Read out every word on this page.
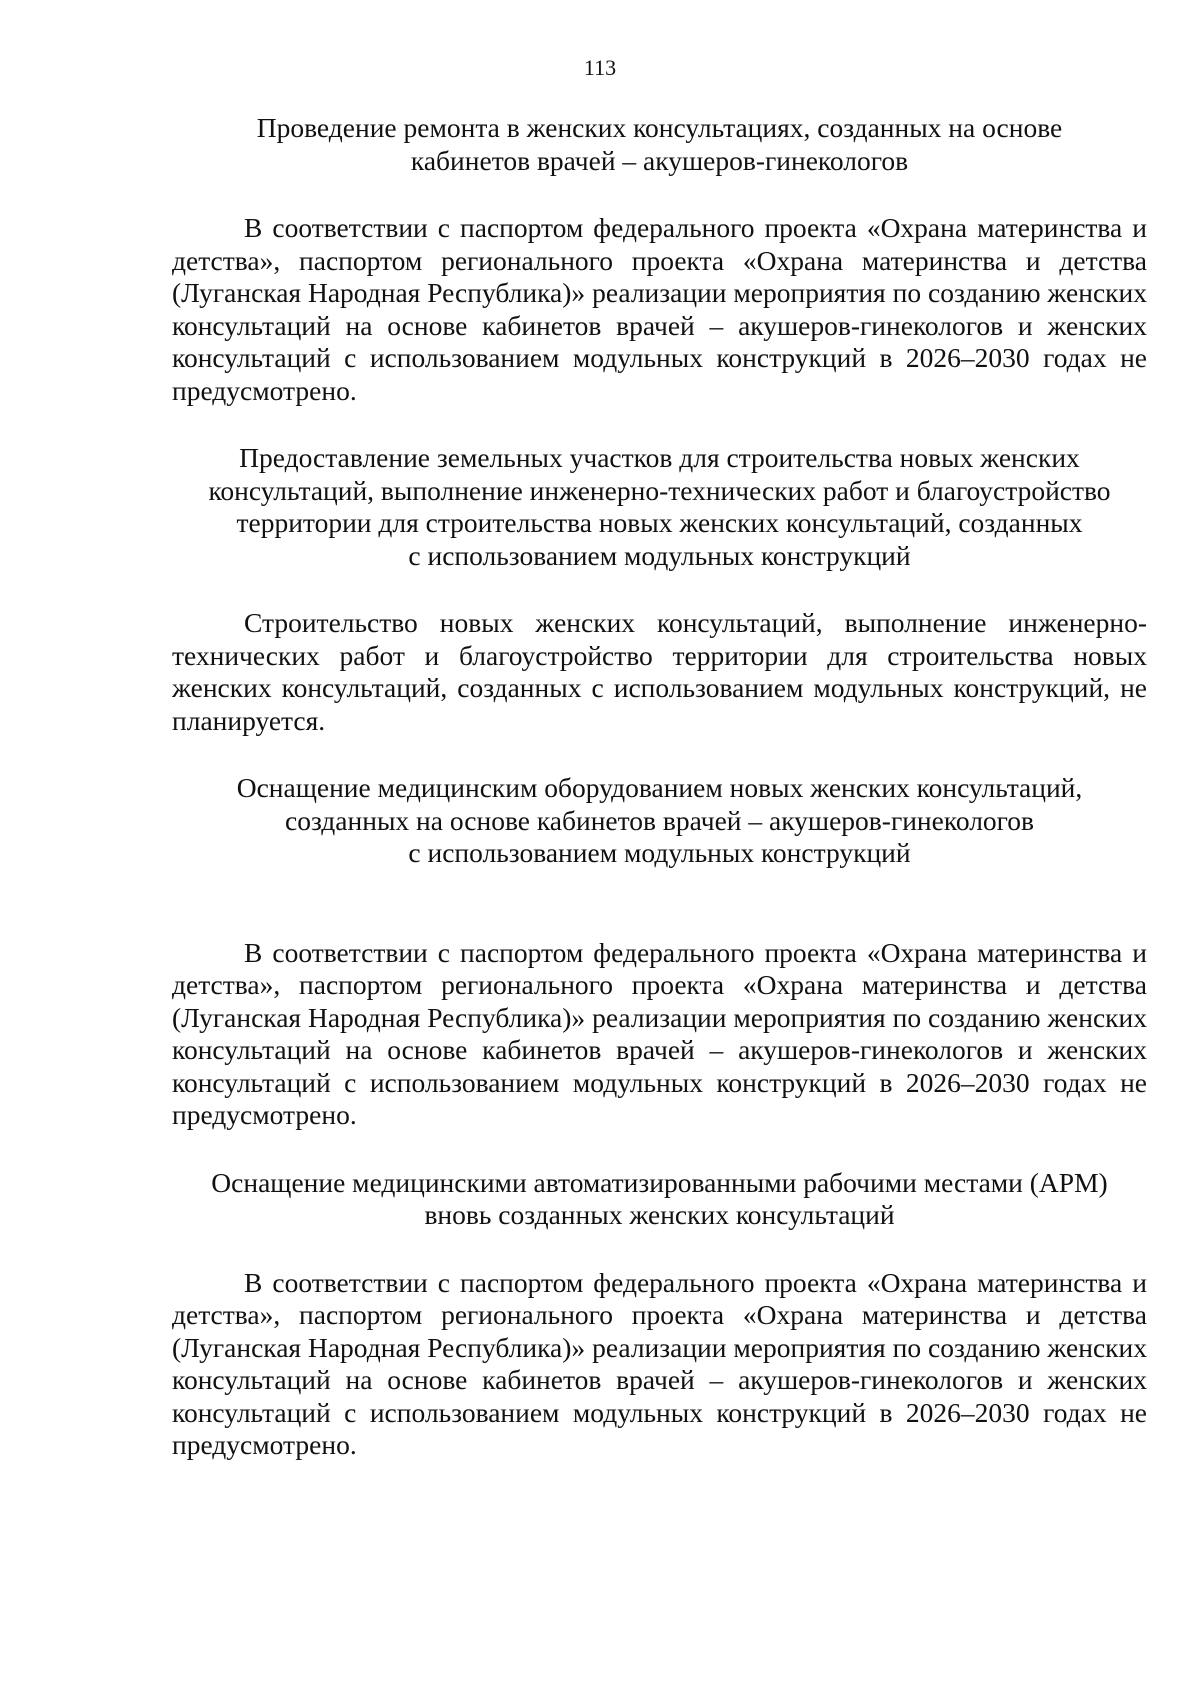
113
Проведение ремонта в женских консультациях, созданных на основе
кабинетов врачей – акушеров-гинекологов

В соответствии с паспортом федерального проекта «Охрана материнства и детства», паспортом регионального проекта «Охрана материнства и детства (Луганская Народная Республика)» реализации мероприятия по созданию женских консультаций на основе кабинетов врачей – акушеров-гинекологов и женских консультаций с использованием модульных конструкций в 2026–2030 годах не предусмотрено.

Предоставление земельных участков для строительства новых женских
консультаций, выполнение инженерно-технических работ и благоустройство
территории для строительства новых женских консультаций, созданных
с использованием модульных конструкций

Строительство новых женских консультаций, выполнение инженерно-технических работ и благоустройство территории для строительства новых женских консультаций, созданных с использованием модульных конструкций, не планируется.

Оснащение медицинским оборудованием новых женских консультаций,
созданных на основе кабинетов врачей – акушеров-гинекологов
с использованием модульных конструкций

В соответствии с паспортом федерального проекта «Охрана материнства и детства», паспортом регионального проекта «Охрана материнства и детства (Луганская Народная Республика)» реализации мероприятия по созданию женских консультаций на основе кабинетов врачей – акушеров-гинекологов и женских консультаций с использованием модульных конструкций в 2026–2030 годах не предусмотрено.

Оснащение медицинскими автоматизированными рабочими местами (АРМ)
вновь созданных женских консультаций

В соответствии с паспортом федерального проекта «Охрана материнства и детства», паспортом регионального проекта «Охрана материнства и детства (Луганская Народная Республика)» реализации мероприятия по созданию женских консультаций на основе кабинетов врачей – акушеров-гинекологов и женских консультаций с использованием модульных конструкций в 2026–2030 годах не предусмотрено.
